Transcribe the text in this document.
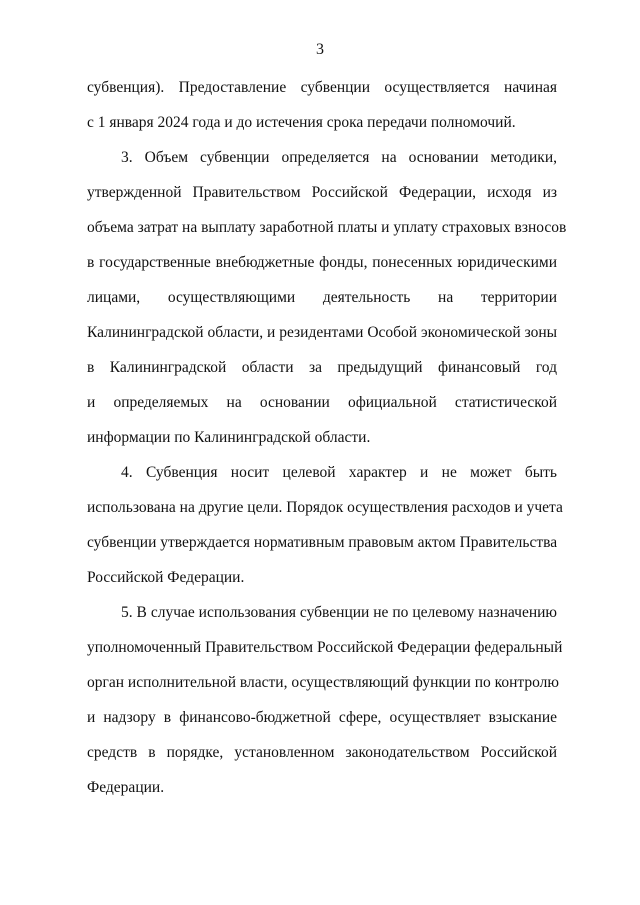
3
субвенция). Предоставление субвенции осуществляется начиная
с 1 января 2024 года и до истечения срока передачи полномочий.
3. Объем субвенции определяется на основании методики,
утвержденной Правительством Российской Федерации, исходя из
объема затрат на выплату заработной платы и уплату страховых взносов
в государственные внебюджетные фонды, понесенных юридическими
лицами, осуществляющими деятельность на территории
Калининградской области, и резидентами Особой экономической зоны
в Калининградской области за предыдущий финансовый год
и определяемых на основании официальной статистической
информации по Калининградской области.
4. Субвенция носит целевой характер и не может быть
использована на другие цели. Порядок осуществления расходов и учета
субвенции утверждается нормативным правовым актом Правительства
Российской Федерации.
5. В случае использования субвенции не по целевому назначению
уполномоченный Правительством Российской Федерации федеральный
орган исполнительной власти, осуществляющий функции по контролю
и надзору в финансово-бюджетной сфере, осуществляет взыскание
средств в порядке, установленном законодательством Российской
Федерации.
